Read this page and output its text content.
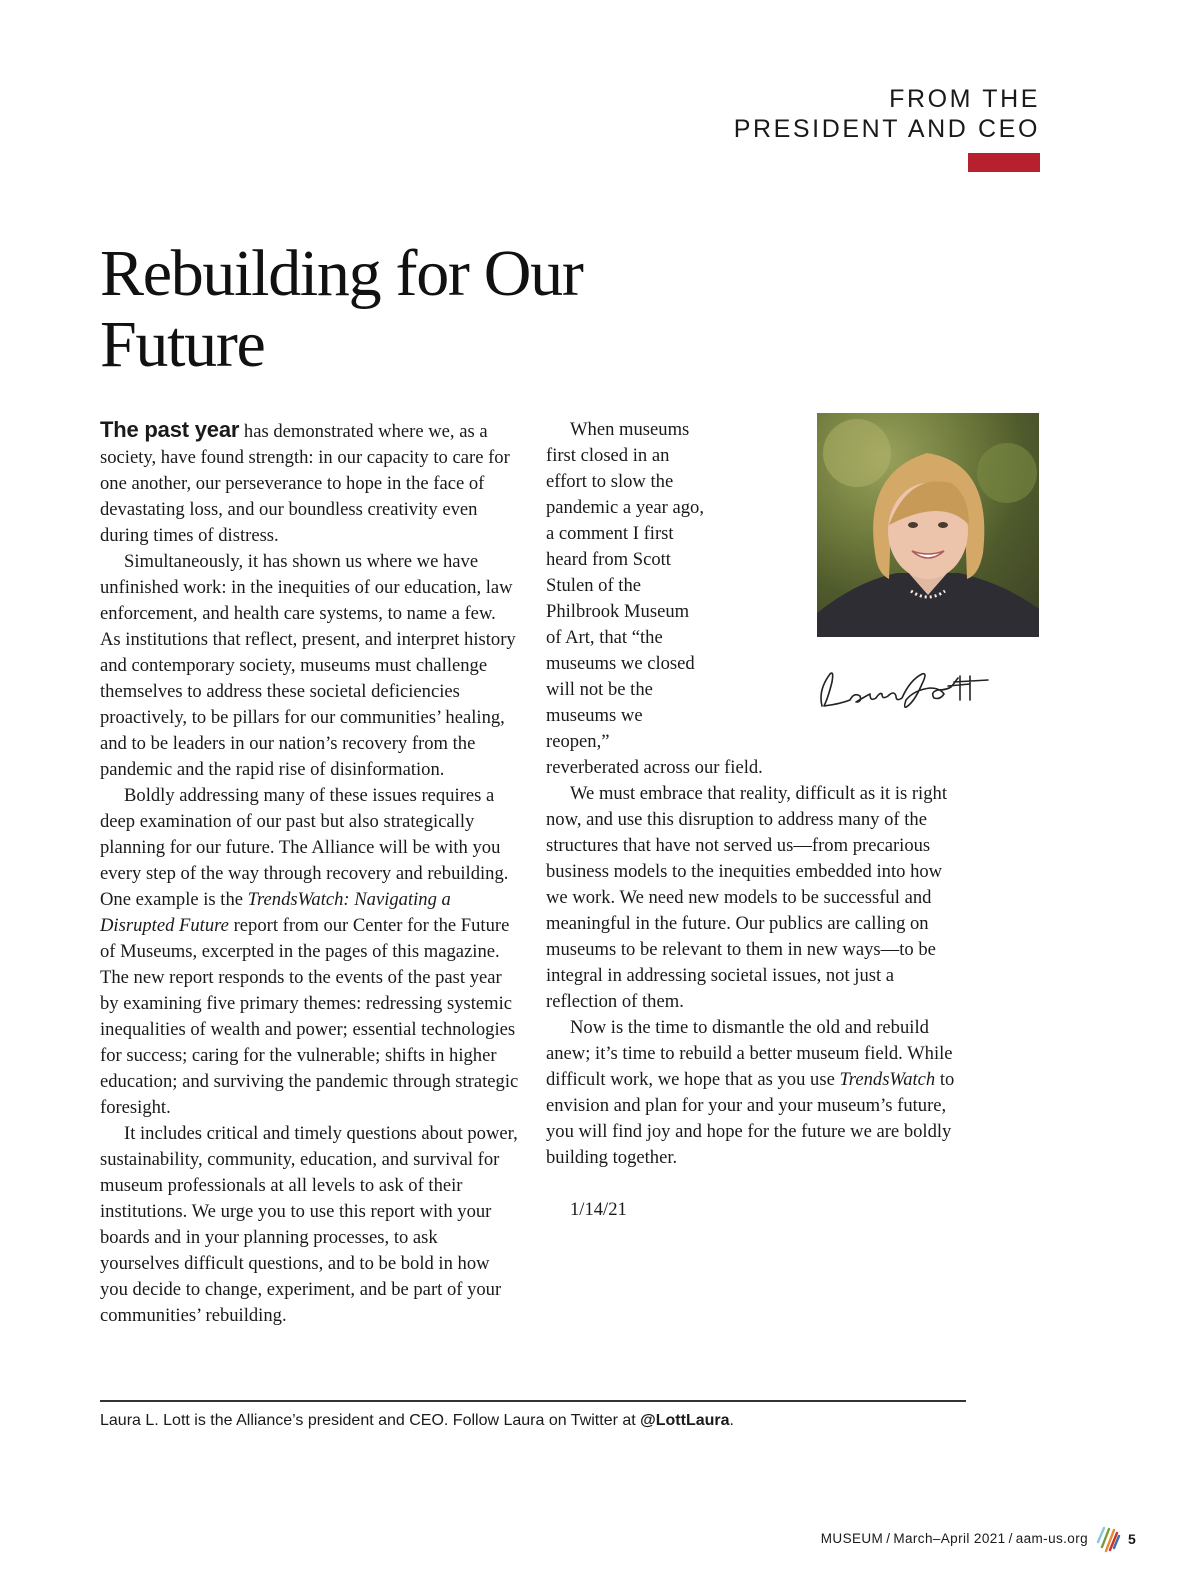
FROM THE
PRESIDENT AND CEO
Rebuilding for Our Future

The past year has demonstrated where we, as a society, have found strength: in our capacity to care for one another, our perseverance to hope in the face of devastating loss, and our boundless creativity even during times of distress.

Simultaneously, it has shown us where we have unfinished work: in the inequities of our education, law enforcement, and health care systems, to name a few. As institutions that reflect, present, and interpret history and contemporary society, museums must challenge themselves to address these societal deficiencies proactively, to be pillars for our communities’ healing, and to be leaders in our nation’s recovery from the pandemic and the rapid rise of disinformation.

Boldly addressing many of these issues requires a deep examination of our past but also strategically planning for our future. The Alliance will be with you every step of the way through recovery and rebuilding. One example is the TrendsWatch: Navigating a Disrupted Future report from our Center for the Future of Museums, excerpted in the pages of this magazine. The new report responds to the events of the past year by examining five primary themes: redressing systemic inequalities of wealth and power; essential technologies for success; caring for the vulnerable; shifts in higher education; and surviving the pandemic through strategic foresight.

It includes critical and timely questions about power, sustainability, community, education, and survival for museum professionals at all levels to ask of their institutions. We urge you to use this report with your boards and in your planning processes, to ask yourselves difficult questions, and to be bold in how you decide to change, experiment, and be part of your communities’ rebuilding.

When museums first closed in an effort to slow the pandemic a year ago, a comment I first heard from Scott Stulen of the Philbrook Museum of Art, that “the museums we closed will not be the museums we reopen,” reverberated across our field.

We must embrace that reality, difficult as it is right now, and use this disruption to address many of the structures that have not served us—from precarious business models to the inequities embedded into how we work. We need new models to be successful and meaningful in the future. Our publics are calling on museums to be relevant to them in new ways—to be integral in addressing societal issues, not just a reflection of them.

Now is the time to dismantle the old and rebuild anew; it’s time to rebuild a better museum field. While difficult work, we hope that as you use TrendsWatch to envision and plan for your and your museum’s future, you will find joy and hope for the future we are boldly building together.

1/14/21

Laura L. Lott is the Alliance’s president and CEO. Follow Laura on Twitter at @LottLaura.
MUSEUM / March–April 2021 / aam-us.org	5
